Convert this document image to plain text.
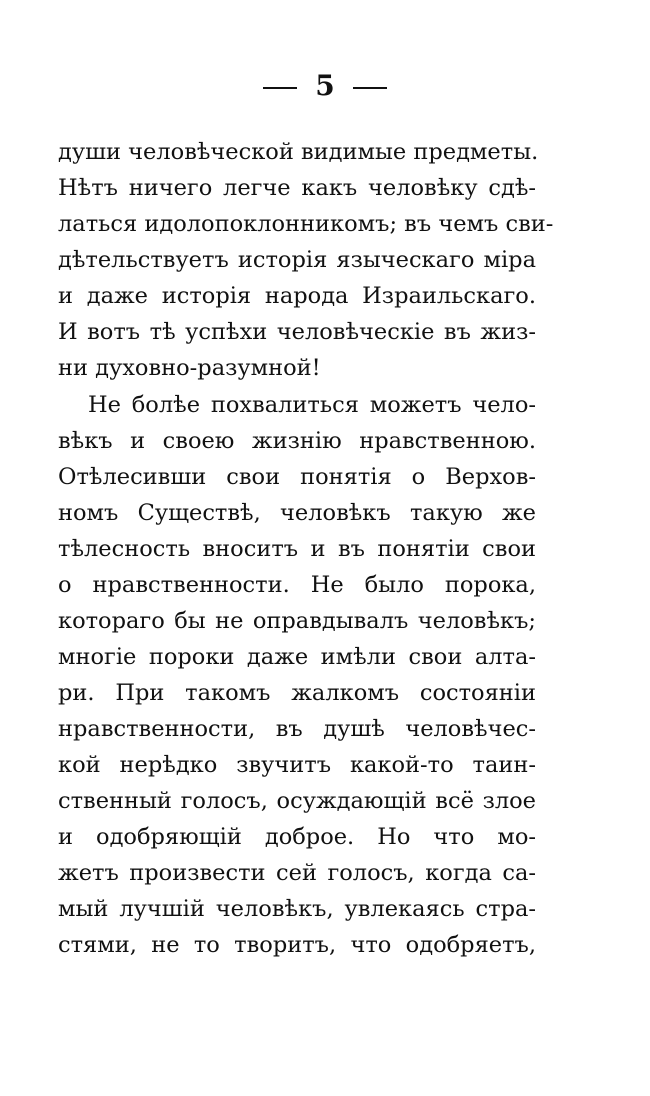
5
души человѣческой видимые предметы.
Нѣтъ ничего легче какъ человѣку сдѣ-
латься идолопоклонникомъ; въ чемъ сви-
дѣтельствуетъ исторія языческаго міра
и даже исторія народа Израильскаго.
И вотъ тѣ успѣхи человѣческіе въ жиз-
ни духовно-разумной!
Не болѣе похвалиться можетъ чело-
вѣкъ и своею жизнію нравственною.
Отѣлесивши свои понятія о Верхов-
номъ Существѣ, человѣкъ такую же
тѣлесность вноситъ и въ понятіи свои
о нравственности. Не было порока,
котораго бы не оправдывалъ человѣкъ;
многіе пороки даже имѣли свои алта-
ри. При такомъ жалкомъ состояніи
нравственности, въ душѣ человѣчес-
кой нерѣдко звучитъ какой-то таин-
ственный голосъ, осуждающій всё злое
и одобряющій доброе. Но что мо-
жетъ произвести сей голосъ, когда са-
мый лучшій человѣкъ, увлекаясь стра-
стями, не то творитъ, что одобряетъ,
